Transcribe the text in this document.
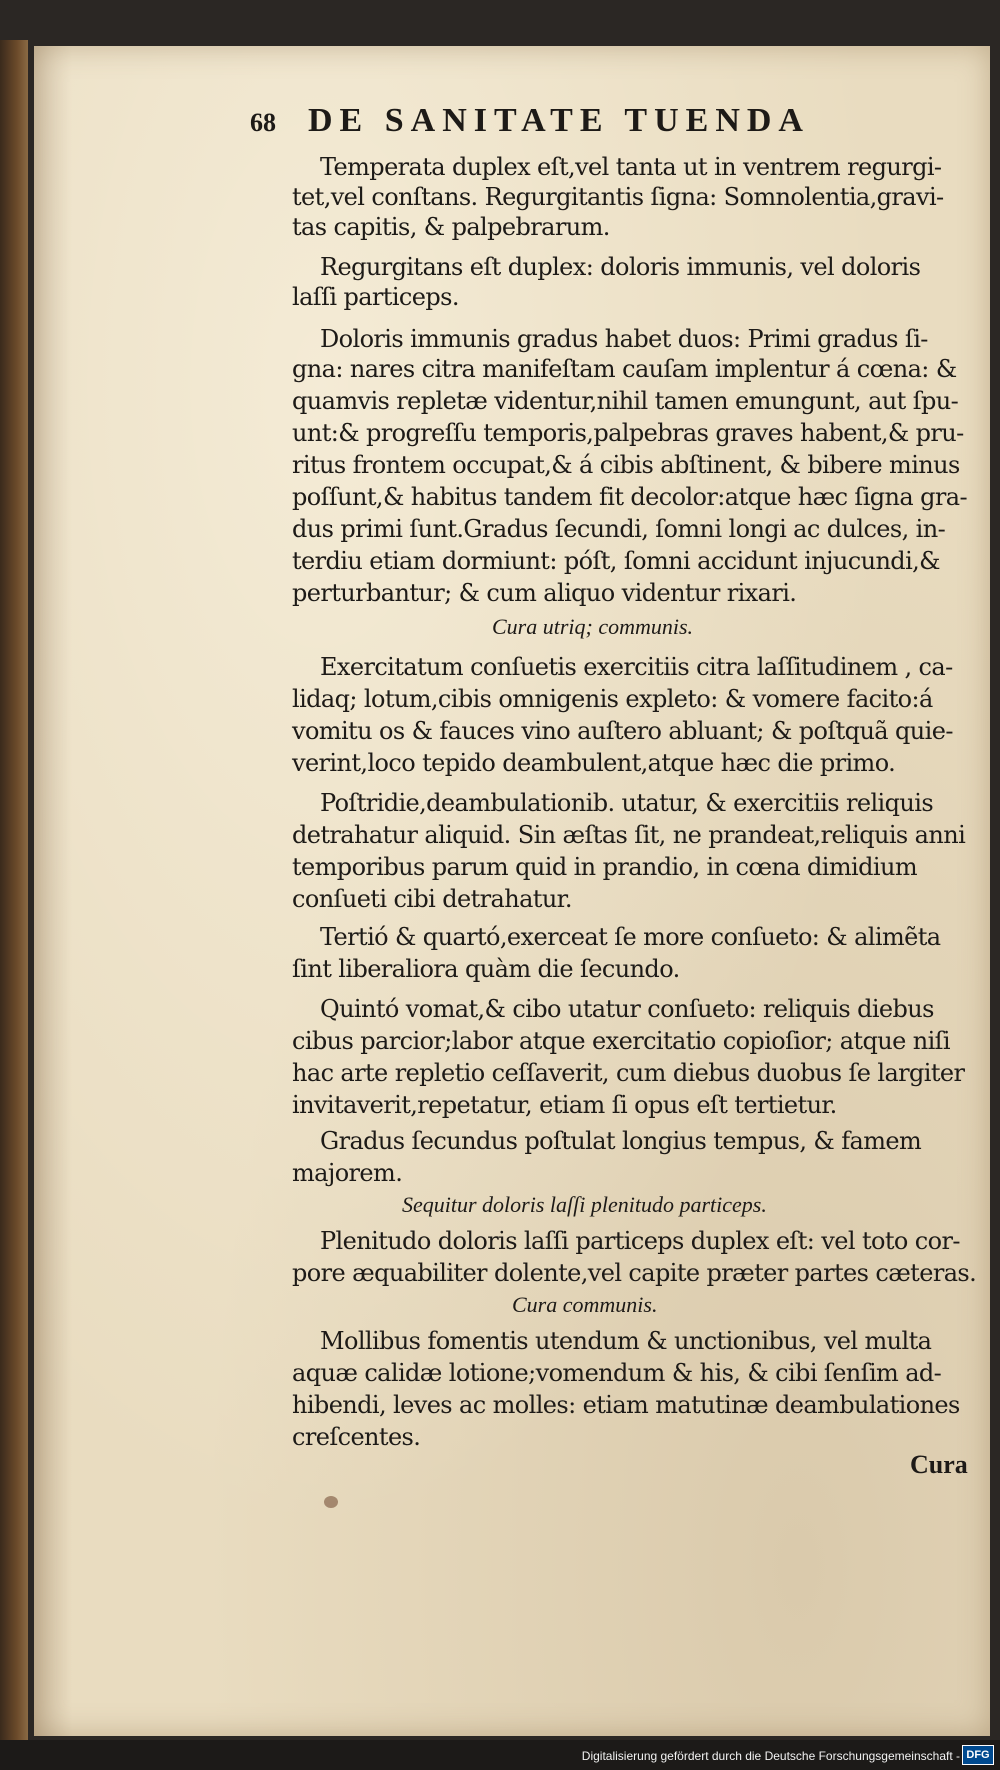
68 DE SANITATE TUENDA
Temperata duplex eſt,vel tanta ut in ventrem regurgi-
tet,vel conſtans. Regurgitantis ſigna: Somnolentia,gravi-
tas capitis, & palpebrarum.
Regurgitans eſt duplex: doloris immunis, vel doloris
laſſi particeps.
Doloris immunis gradus habet duos: Primi gradus ſi-
gna: nares citra manifeſtam cauſam implentur á cœna: &
quamvis repletæ videntur,nihil tamen emungunt, aut ſpu-
unt:& progreſſu temporis,palpebras graves habent,& pru-
ritus frontem occupat,& á cibis abſtinent, & bibere minus
poſſunt,& habitus tandem fit decolor:atque hæc ſigna gra-
dus primi ſunt.Gradus ſecundi, ſomni longi ac dulces, in-
terdiu etiam dormiunt: póſt, ſomni accidunt injucundi,&
perturbantur; & cum aliquo videntur rixari.
Cura utriq; communis.
Exercitatum conſuetis exercitiis citra laſſitudinem , ca-
lidaq; lotum,cibis omnigenis expleto: & vomere facito:á
vomitu os & fauces vino auſtero abluant; & poſtquã quie-
verint,loco tepido deambulent,atque hæc die primo.
Poſtridie,deambulationib. utatur, & exercitiis reliquis
detrahatur aliquid. Sin æſtas ſit, ne prandeat,reliquis anni
temporibus parum quid in prandio, in cœna dimidium
conſueti cibi detrahatur.
Tertió & quartó,exerceat ſe more conſueto: & alimẽta
ſint liberaliora quàm die ſecundo.
Quintó vomat,& cibo utatur conſueto: reliquis diebus
cibus parcior;labor atque exercitatio copioſior; atque niſi
hac arte repletio ceſſaverit, cum diebus duobus ſe largiter
invitaverit,repetatur, etiam ſi opus eſt tertietur.
Gradus ſecundus poſtulat longius tempus, & famem
majorem.
Sequitur doloris laſſi plenitudo particeps.
Plenitudo doloris laſſi particeps duplex eſt: vel toto cor-
pore æquabiliter dolente,vel capite præter partes cæteras.
Cura communis.
Mollibus fomentis utendum & unctionibus, vel multa
aquæ calidæ lotione;vomendum & his, & cibi ſenſim ad-
hibendi, leves ac molles: etiam matutinæ deambulationes
creſcentes.
Cura
Digitalisierung gefördert durch die Deutsche Forschungsgemeinschaft - DFG
